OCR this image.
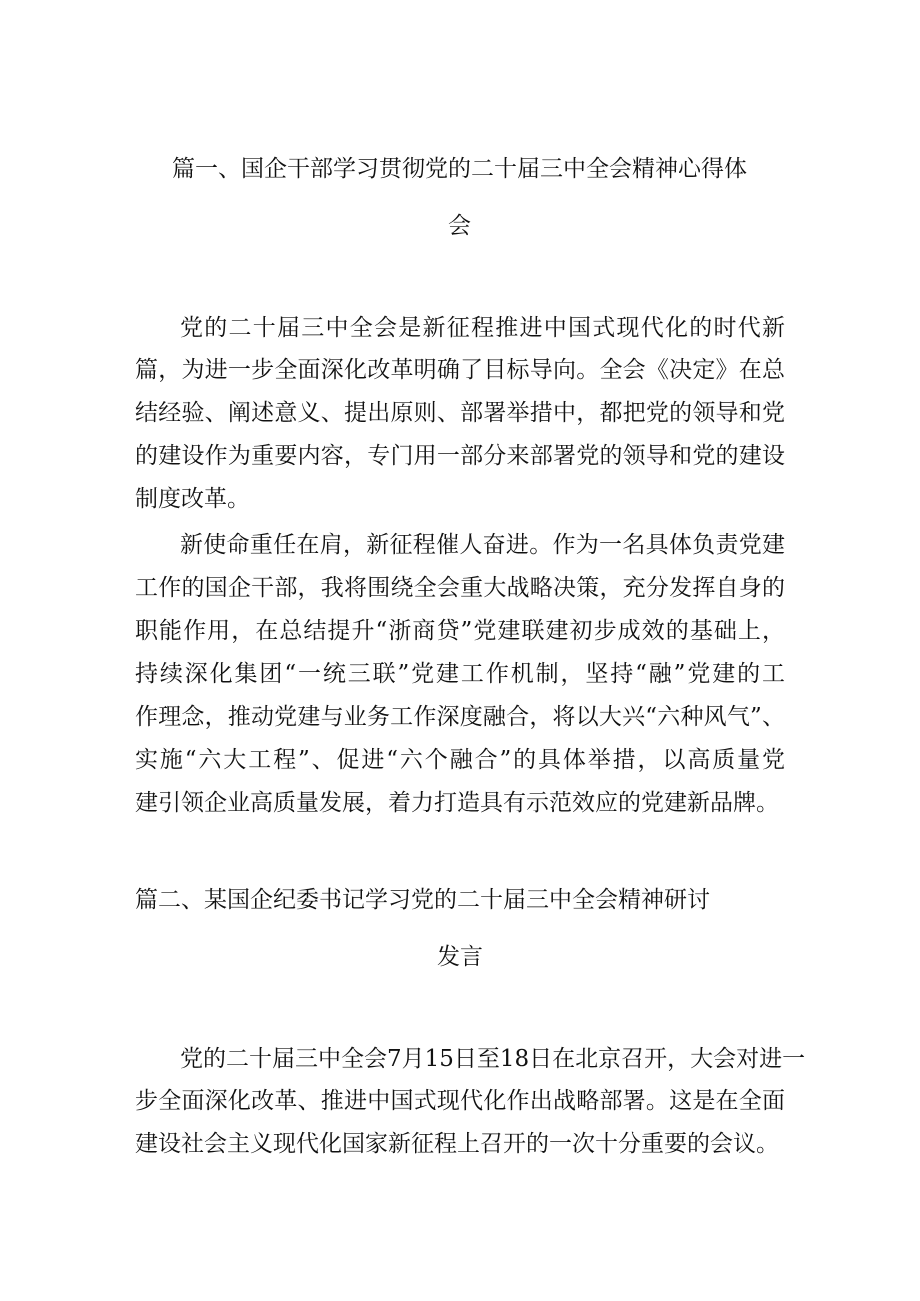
篇一、国企干部学习贯彻党的二十届三中全会精神心得体
会
党的二十届三中全会是新征程推进中国式现代化的时代新
篇，为进一步全面深化改革明确了目标导向。全会《决定》在总
结经验、阐述意义、提出原则、部署举措中，都把党的领导和党
的建设作为重要内容，专门用一部分来部署党的领导和党的建设
制度改革。
新使命重任在肩，新征程催人奋进。作为一名具体负责党建
工作的国企干部，我将围绕全会重大战略决策，充分发挥自身的
职能作用，在总结提升“浙商贷”党建联建初步成效的基础上，
持续深化集团“一统三联”党建工作机制，坚持“融”党建的工
作理念，推动党建与业务工作深度融合，将以大兴“六种风气”、
实施“六大工程”、促进“六个融合”的具体举措，以高质量党
建引领企业高质量发展，着力打造具有示范效应的党建新品牌。
篇二、某国企纪委书记学习党的二十届三中全会精神研讨
发言
党的二十届三中全会7月15日至18日在北京召开，大会对进一
步全面深化改革、推进中国式现代化作出战略部署。这是在全面
建设社会主义现代化国家新征程上召开的一次十分重要的会议。
